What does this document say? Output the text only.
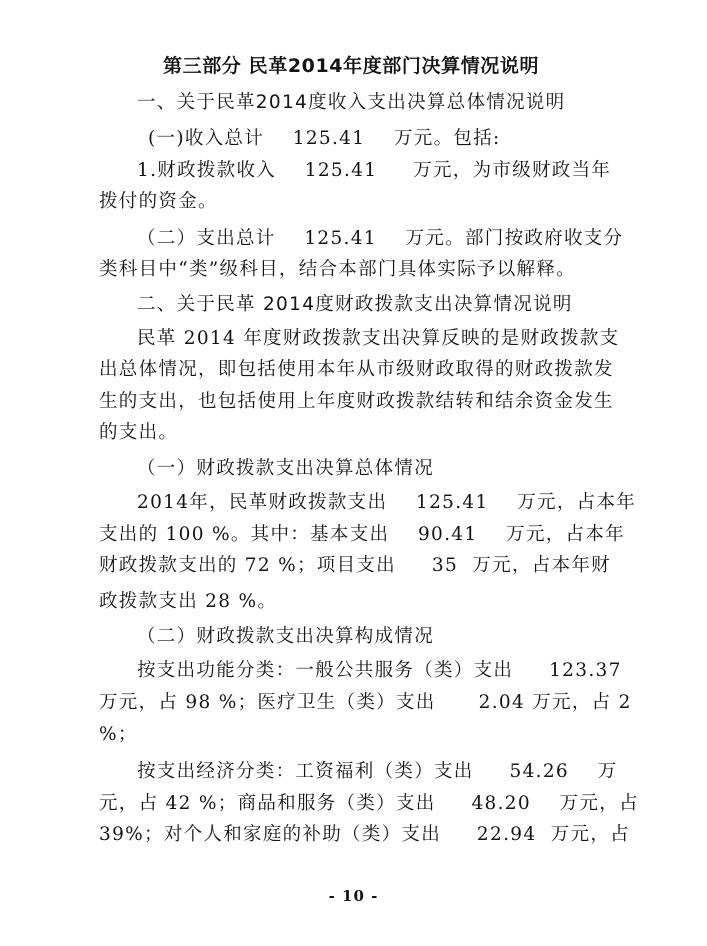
第三部分 民革2014年度部门决算情况说明
一、关于民革2014度收入支出决算总体情况说明
(一)收入总计    125.41    万元。包括:
1.财政拨款收入    125.41     万元，为市级财政当年
拨付的资金。
（二）支出总计    125.41    万元。部门按政府收支分
类科目中“类”级科目，结合本部门具体实际予以解释。
二、关于民革 2014度财政拨款支出决算情况说明
民革 2014 年度财政拨款支出决算反映的是财政拨款支
出总体情况，即包括使用本年从市级财政取得的财政拨款发
生的支出，也包括使用上年度财政拨款结转和结余资金发生
的支出。
（一）财政拨款支出决算总体情况
2014年，民革财政拨款支出    125.41    万元，占本年
支出的 100 %。其中：基本支出    90.41    万元，占本年
财政拨款支出的 72 %；项目支出     35  万元，占本年财
政拨款支出 28 %。
（二）财政拨款支出决算构成情况
按支出功能分类：一般公共服务（类）支出     123.37
万元，占 98 %；医疗卫生（类）支出      2.04 万元，占 2
%；
按支出经济分类：工资福利（类）支出     54.26    万
元，占 42 %；商品和服务（类）支出     48.20    万元，占
39%；对个人和家庭的补助（类）支出     22.94  万元，占
- 10 -
